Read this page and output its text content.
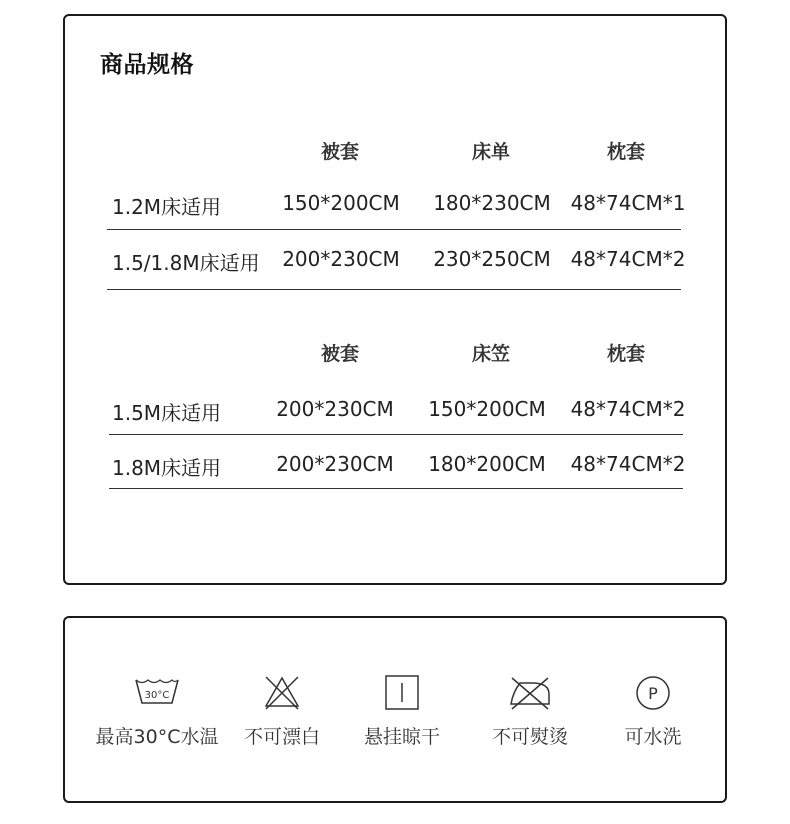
商品规格
被套	床单	枕套
1.2M床适用	150*200CM 180*230CM 48*74CM*1
1.5/1.8M床适用 200*230CM 230*250CM 48*74CM*2
被套	床笠	枕套
1.5M床适用	200*230CM 150*200CM 48*74CM*2
1.8M床适用	200*230CM 180*200CM 48*74CM*2
30°C
最高30°C水温	不可漂白	悬挂晾干	不可熨烫
P
可水洗
